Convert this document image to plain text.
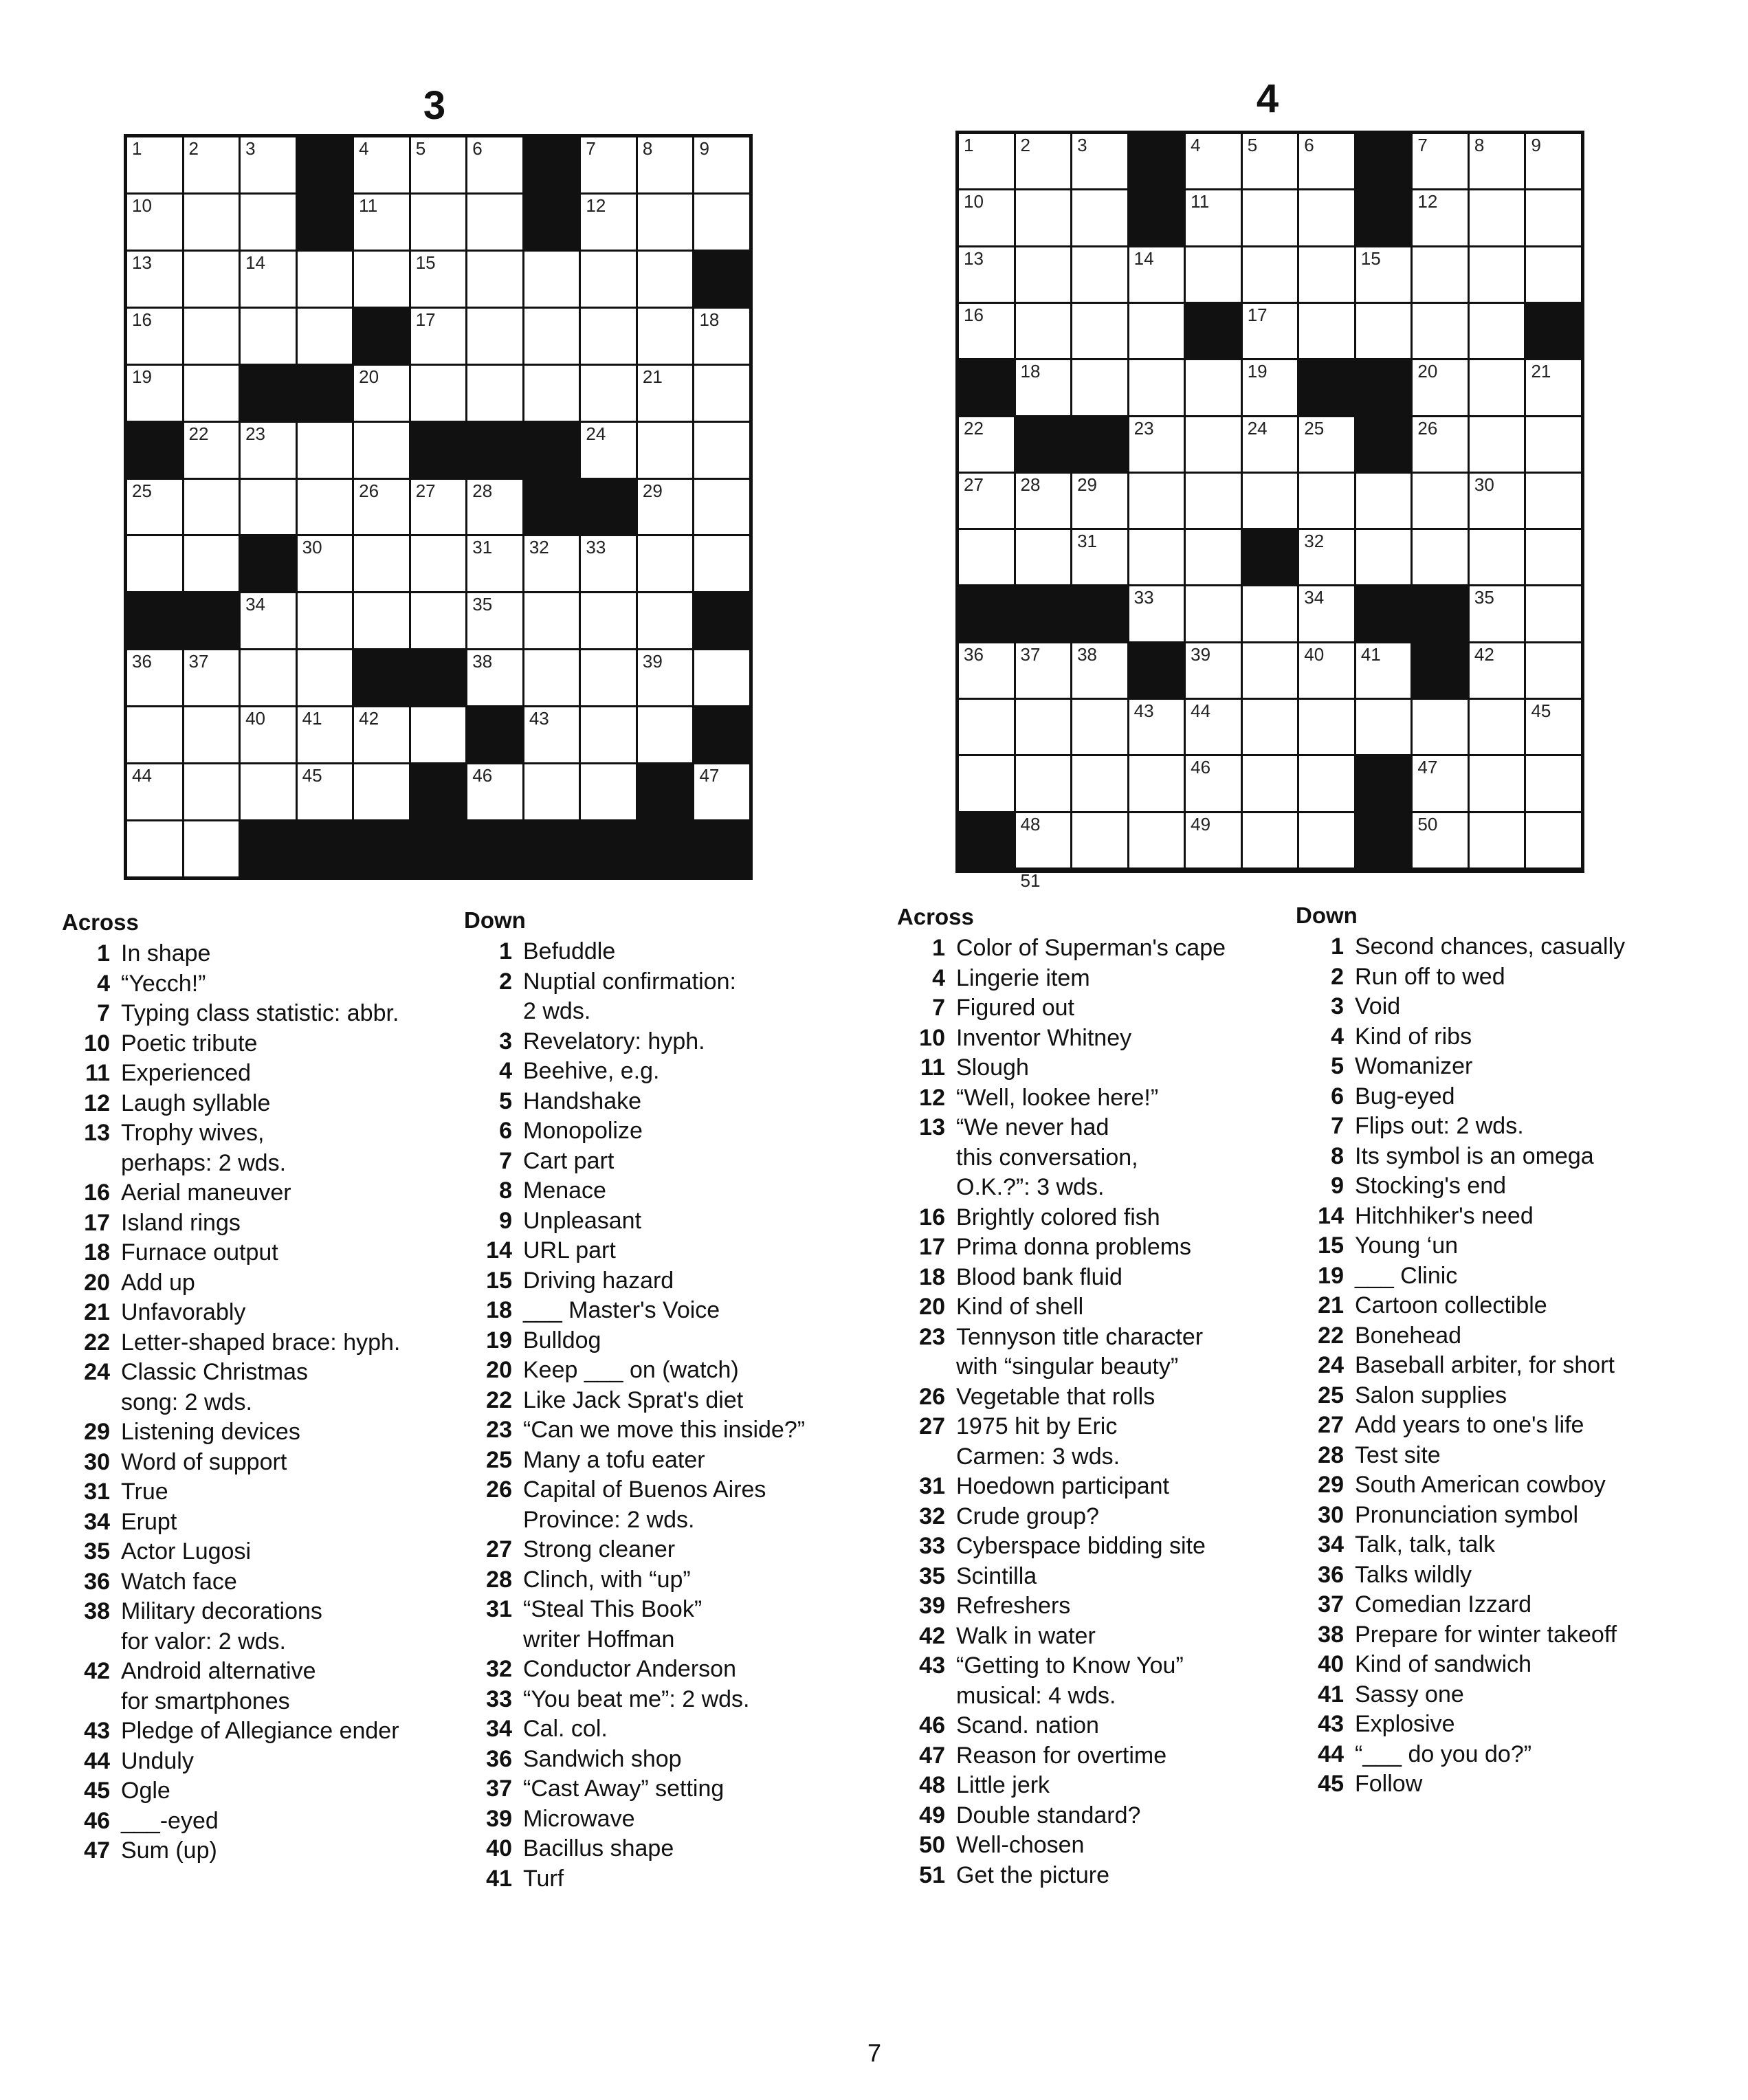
3
1	2	3	4	5	6	7	8	9
10	11	12
13	14	15
16	17	18
19	20	21
22 23	24
25	26 27 28	29
30	31 32 33
34	35
36 37	38	39
40 41 42	43
44	45	46	47
Across
1 In shape
4 “Yecch!”
7 Typing class statistic: abbr.
10 Poetic tribute
11 Experienced
12 Laugh syllable
13 Trophy wives,
perhaps: 2 wds.
16 Aerial maneuver
17 Island rings
18 Furnace output
20 Add up
21 Unfavorably
22 Letter-shaped brace: hyph.
24 Classic Christmas
song: 2 wds.
29 Listening devices
30 Word of support
31 True
34 Erupt
35 Actor Lugosi
36 Watch face
38 Military decorations
for valor: 2 wds.
42 Android alternative
for smartphones
43 Pledge of Allegiance ender
44 Unduly
45 Ogle
46 ___-eyed
47 Sum (up)
Down
1 Befuddle
2 Nuptial confirmation:
2 wds.
3 Revelatory: hyph.
4 Beehive, e.g.
5 Handshake
6 Monopolize
7 Cart part
8 Menace
9 Unpleasant
14 URL part
15 Driving hazard
18 ___ Master's Voice
19 Bulldog
20 Keep ___ on (watch)
22 Like Jack Sprat's diet
23 “Can we move this inside?”
25 Many a tofu eater
26 Capital of Buenos Aires
Province: 2 wds.
27 Strong cleaner
28 Clinch, with “up”
31 “Steal This Book”
writer Hoffman
32 Conductor Anderson
33 “You beat me”: 2 wds.
34 Cal. col.
36 Sandwich shop
37 “Cast Away” setting
39 Microwave
40 Bacillus shape
41 Turf
4
1	2	3	4	5	6	7	8	9
10	11	12
13	14	15
16	17
18	19	20	21
22	23	24 25	26
27 28 29	30
31	32
33	34	35
36 37 38	39	40 41	42
43 44	45
46	47
48	49	50
51
Across
1 Color of Superman's cape
4 Lingerie item
7 Figured out
10 Inventor Whitney
11 Slough
12 “Well, lookee here!”
13 “We never had
this conversation,
O.K.?”: 3 wds.
16 Brightly colored fish
17 Prima donna problems
18 Blood bank fluid
20 Kind of shell
23 Tennyson title character
with “singular beauty”
26 Vegetable that rolls
27 1975 hit by Eric
Carmen: 3 wds.
31 Hoedown participant
32 Crude group?
33 Cyberspace bidding site
35 Scintilla
39 Refreshers
42 Walk in water
43 “Getting to Know You”
musical: 4 wds.
46 Scand. nation
47 Reason for overtime
48 Little jerk
49 Double standard?
50 Well-chosen
51 Get the picture
Down
1 Second chances, casually
2 Run off to wed
3 Void
4 Kind of ribs
5 Womanizer
6 Bug-eyed
7 Flips out: 2 wds.
8 Its symbol is an omega
9 Stocking's end
14 Hitchhiker's need
15 Young ‘un
19 ___ Clinic
21 Cartoon collectible
22 Bonehead
24 Baseball arbiter, for short
25 Salon supplies
27 Add years to one's life
28 Test site
29 South American cowboy
30 Pronunciation symbol
34 Talk, talk, talk
36 Talks wildly
37 Comedian Izzard
38 Prepare for winter takeoff
40 Kind of sandwich
41 Sassy one
43 Explosive
44 “___ do you do?”
45 Follow
7
